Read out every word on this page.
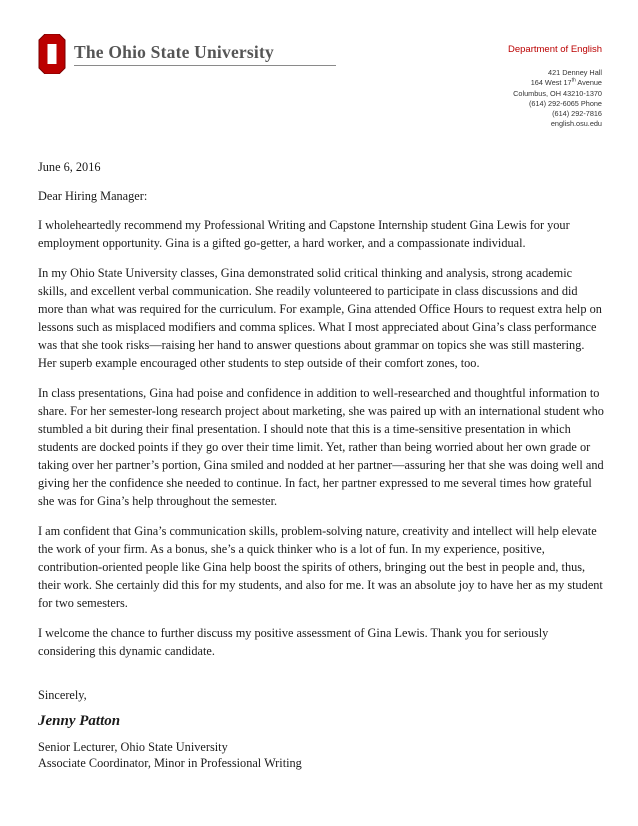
The Ohio State University	Department of English
421 Denney Hall
164 West 17th Avenue
Columbus, OH 43210-1370
(614) 292-6065 Phone
(614) 292-7816
english.osu.edu

June 6, 2016

Dear Hiring Manager:

I wholeheartedly recommend my Professional Writing and Capstone Internship student Gina Lewis for your employment opportunity. Gina is a gifted go-getter, a hard worker, and a compassionate individual.

In my Ohio State University classes, Gina demonstrated solid critical thinking and analysis, strong academic skills, and excellent verbal communication. She readily volunteered to participate in class discussions and did more than what was required for the curriculum. For example, Gina attended Office Hours to request extra help on lessons such as misplaced modifiers and comma splices. What I most appreciated about Gina’s class performance was that she took risks—raising her hand to answer questions about grammar on topics she was still mastering. Her superb example encouraged other students to step outside of their comfort zones, too.

In class presentations, Gina had poise and confidence in addition to well-researched and thoughtful information to share. For her semester-long research project about marketing, she was paired up with an international student who stumbled a bit during their final presentation. I should note that this is a time-sensitive presentation in which students are docked points if they go over their time limit. Yet, rather than being worried about her own grade or taking over her partner’s portion, Gina smiled and nodded at her partner—assuring her that she was doing well and giving her the confidence she needed to continue. In fact, her partner expressed to me several times how grateful she was for Gina’s help throughout the semester.

I am confident that Gina’s communication skills, problem-solving nature, creativity and intellect will help elevate the work of your firm. As a bonus, she’s a quick thinker who is a lot of fun. In my experience, positive, contribution-oriented people like Gina help boost the spirits of others, bringing out the best in people and, thus, their work. She certainly did this for my students, and also for me. It was an absolute joy to have her as my student for two semesters.

I welcome the chance to further discuss my positive assessment of Gina Lewis. Thank you for seriously considering this dynamic candidate.

Sincerely,
Jenny Patton
Senior Lecturer, Ohio State University
Associate Coordinator, Minor in Professional Writing
